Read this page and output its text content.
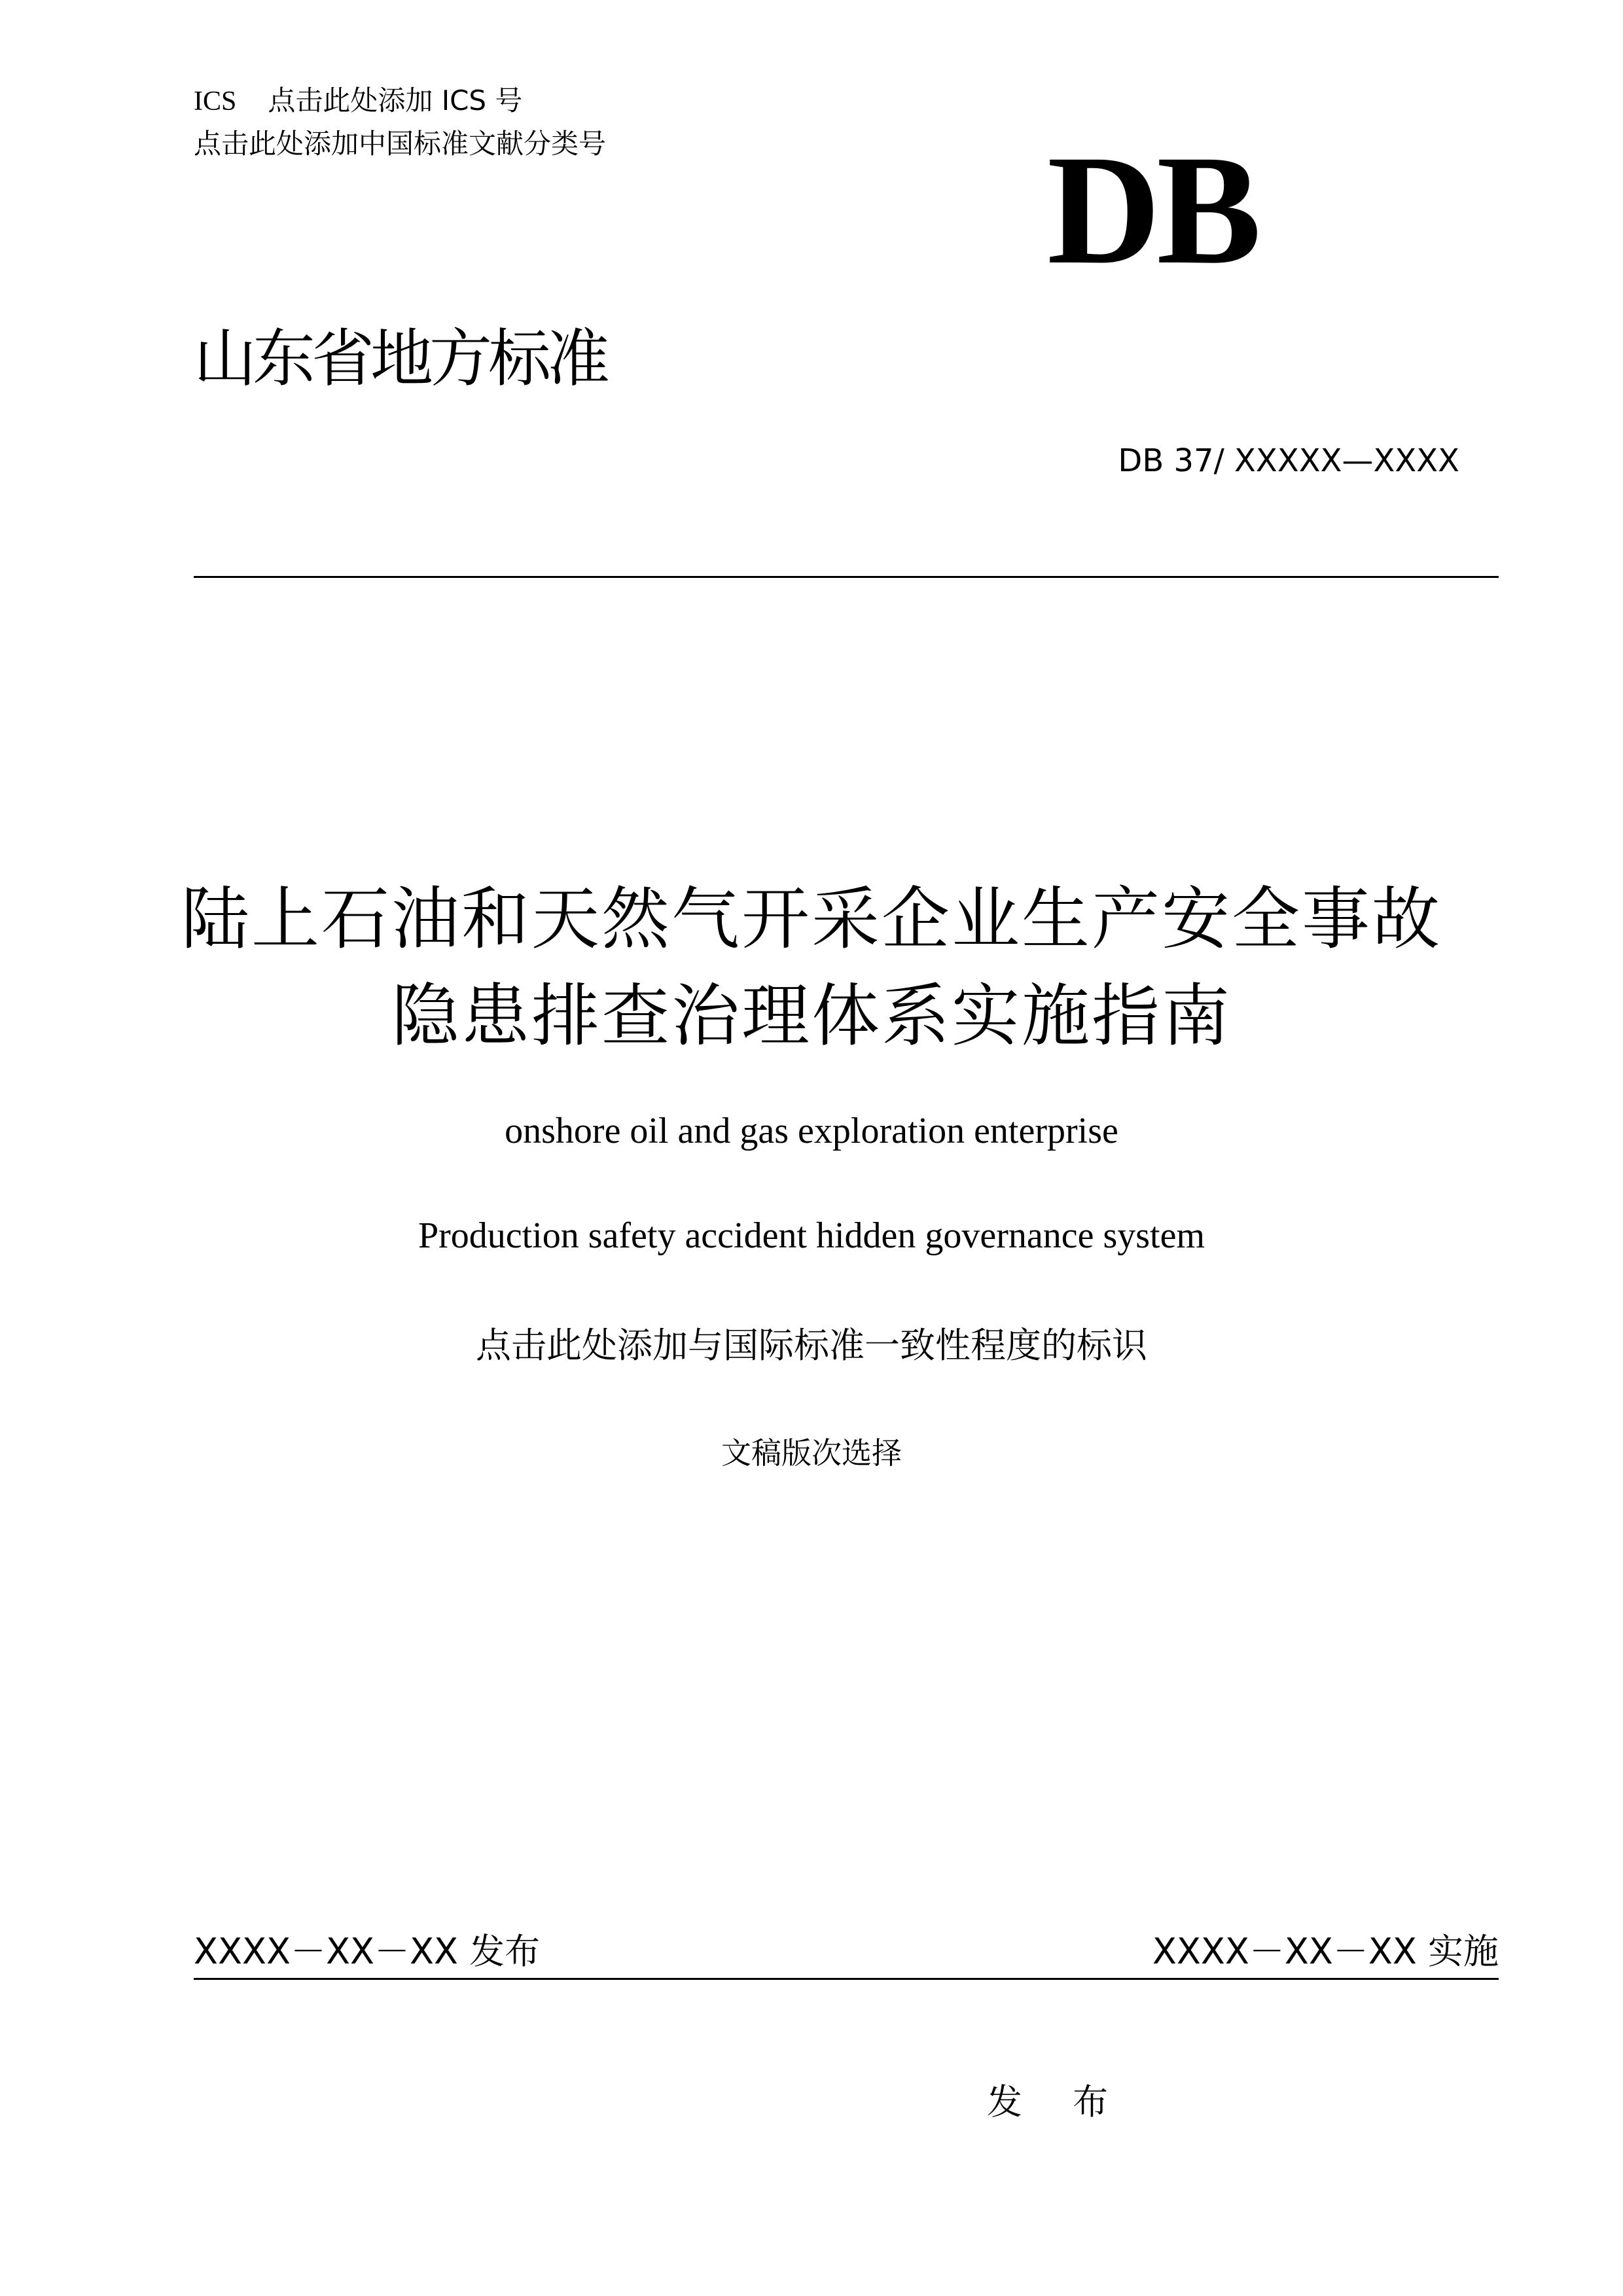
ICS 点击此处添加 ICS 号
点击此处添加中国标准文献分类号	DB
山东省地方标准
DB 37/ XXXXX—XXXX
陆上石油和天然气开采企业生产安全事故
隐患排查治理体系实施指南
onshore oil and gas exploration enterprise
Production safety accident hidden governance system
点击此处添加与国际标准一致性程度的标识
文稿版次选择
XXXX－XX－XX 发布	XXXX－XX－XX 实施
发 布
